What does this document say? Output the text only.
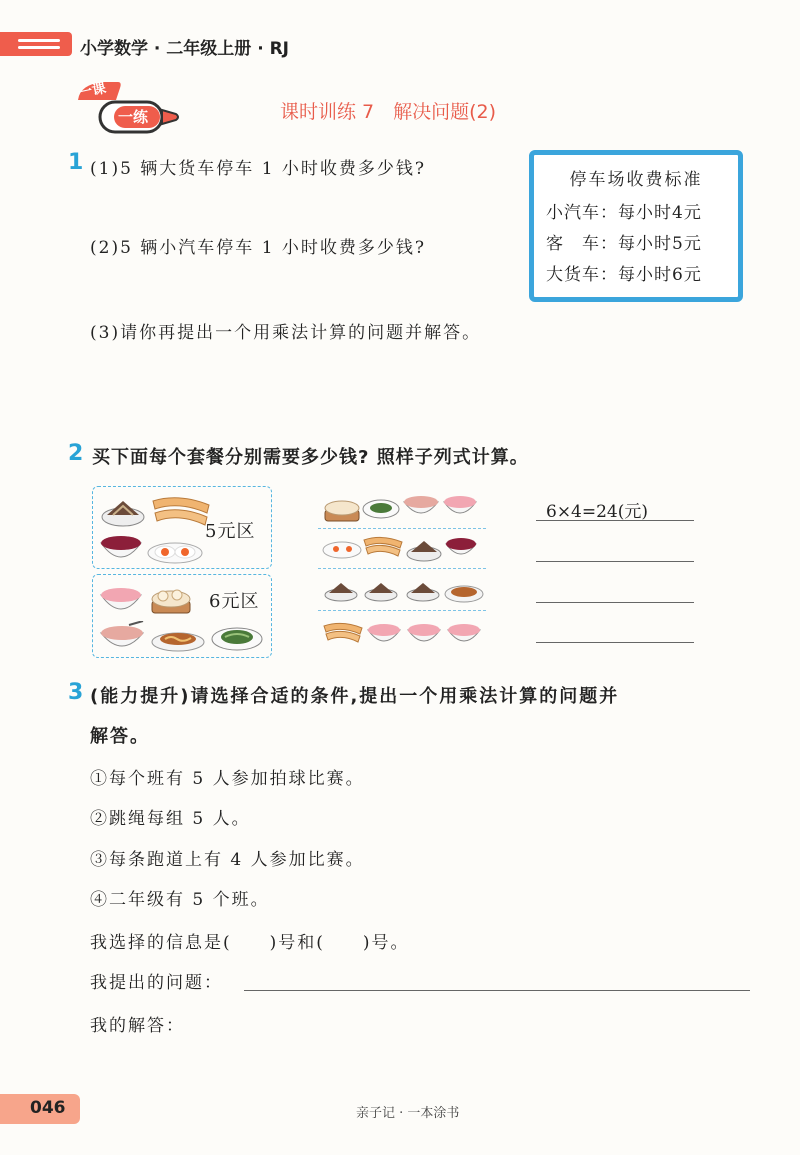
小学数学 · 二年级上册 · RJ
一课
一练	课时训练 7　解决问题(2)
1 (1)5 辆大货车停车 1 小时收费多少钱?
(2)5 辆小汽车停车 1 小时收费多少钱?
(3)请你再提出一个用乘法计算的问题并解答。
停车场收费标准
小汽车：每小时4元
客　车：每小时5元
大货车：每小时6元
2 买下面每个套餐分别需要多少钱? 照样子列式计算。
5元区
6元区
6×4=24(元)
3 (能力提升)请选择合适的条件,提出一个用乘法计算的问题并
解答。
①每个班有 5 人参加拍球比赛。
②跳绳每组 5 人。
③每条跑道上有 4 人参加比赛。
④二年级有 5 个班。
我选择的信息是(　　)号和(　　)号。
我提出的问题：
我的解答：
046	亲子记 · 一本涂书
